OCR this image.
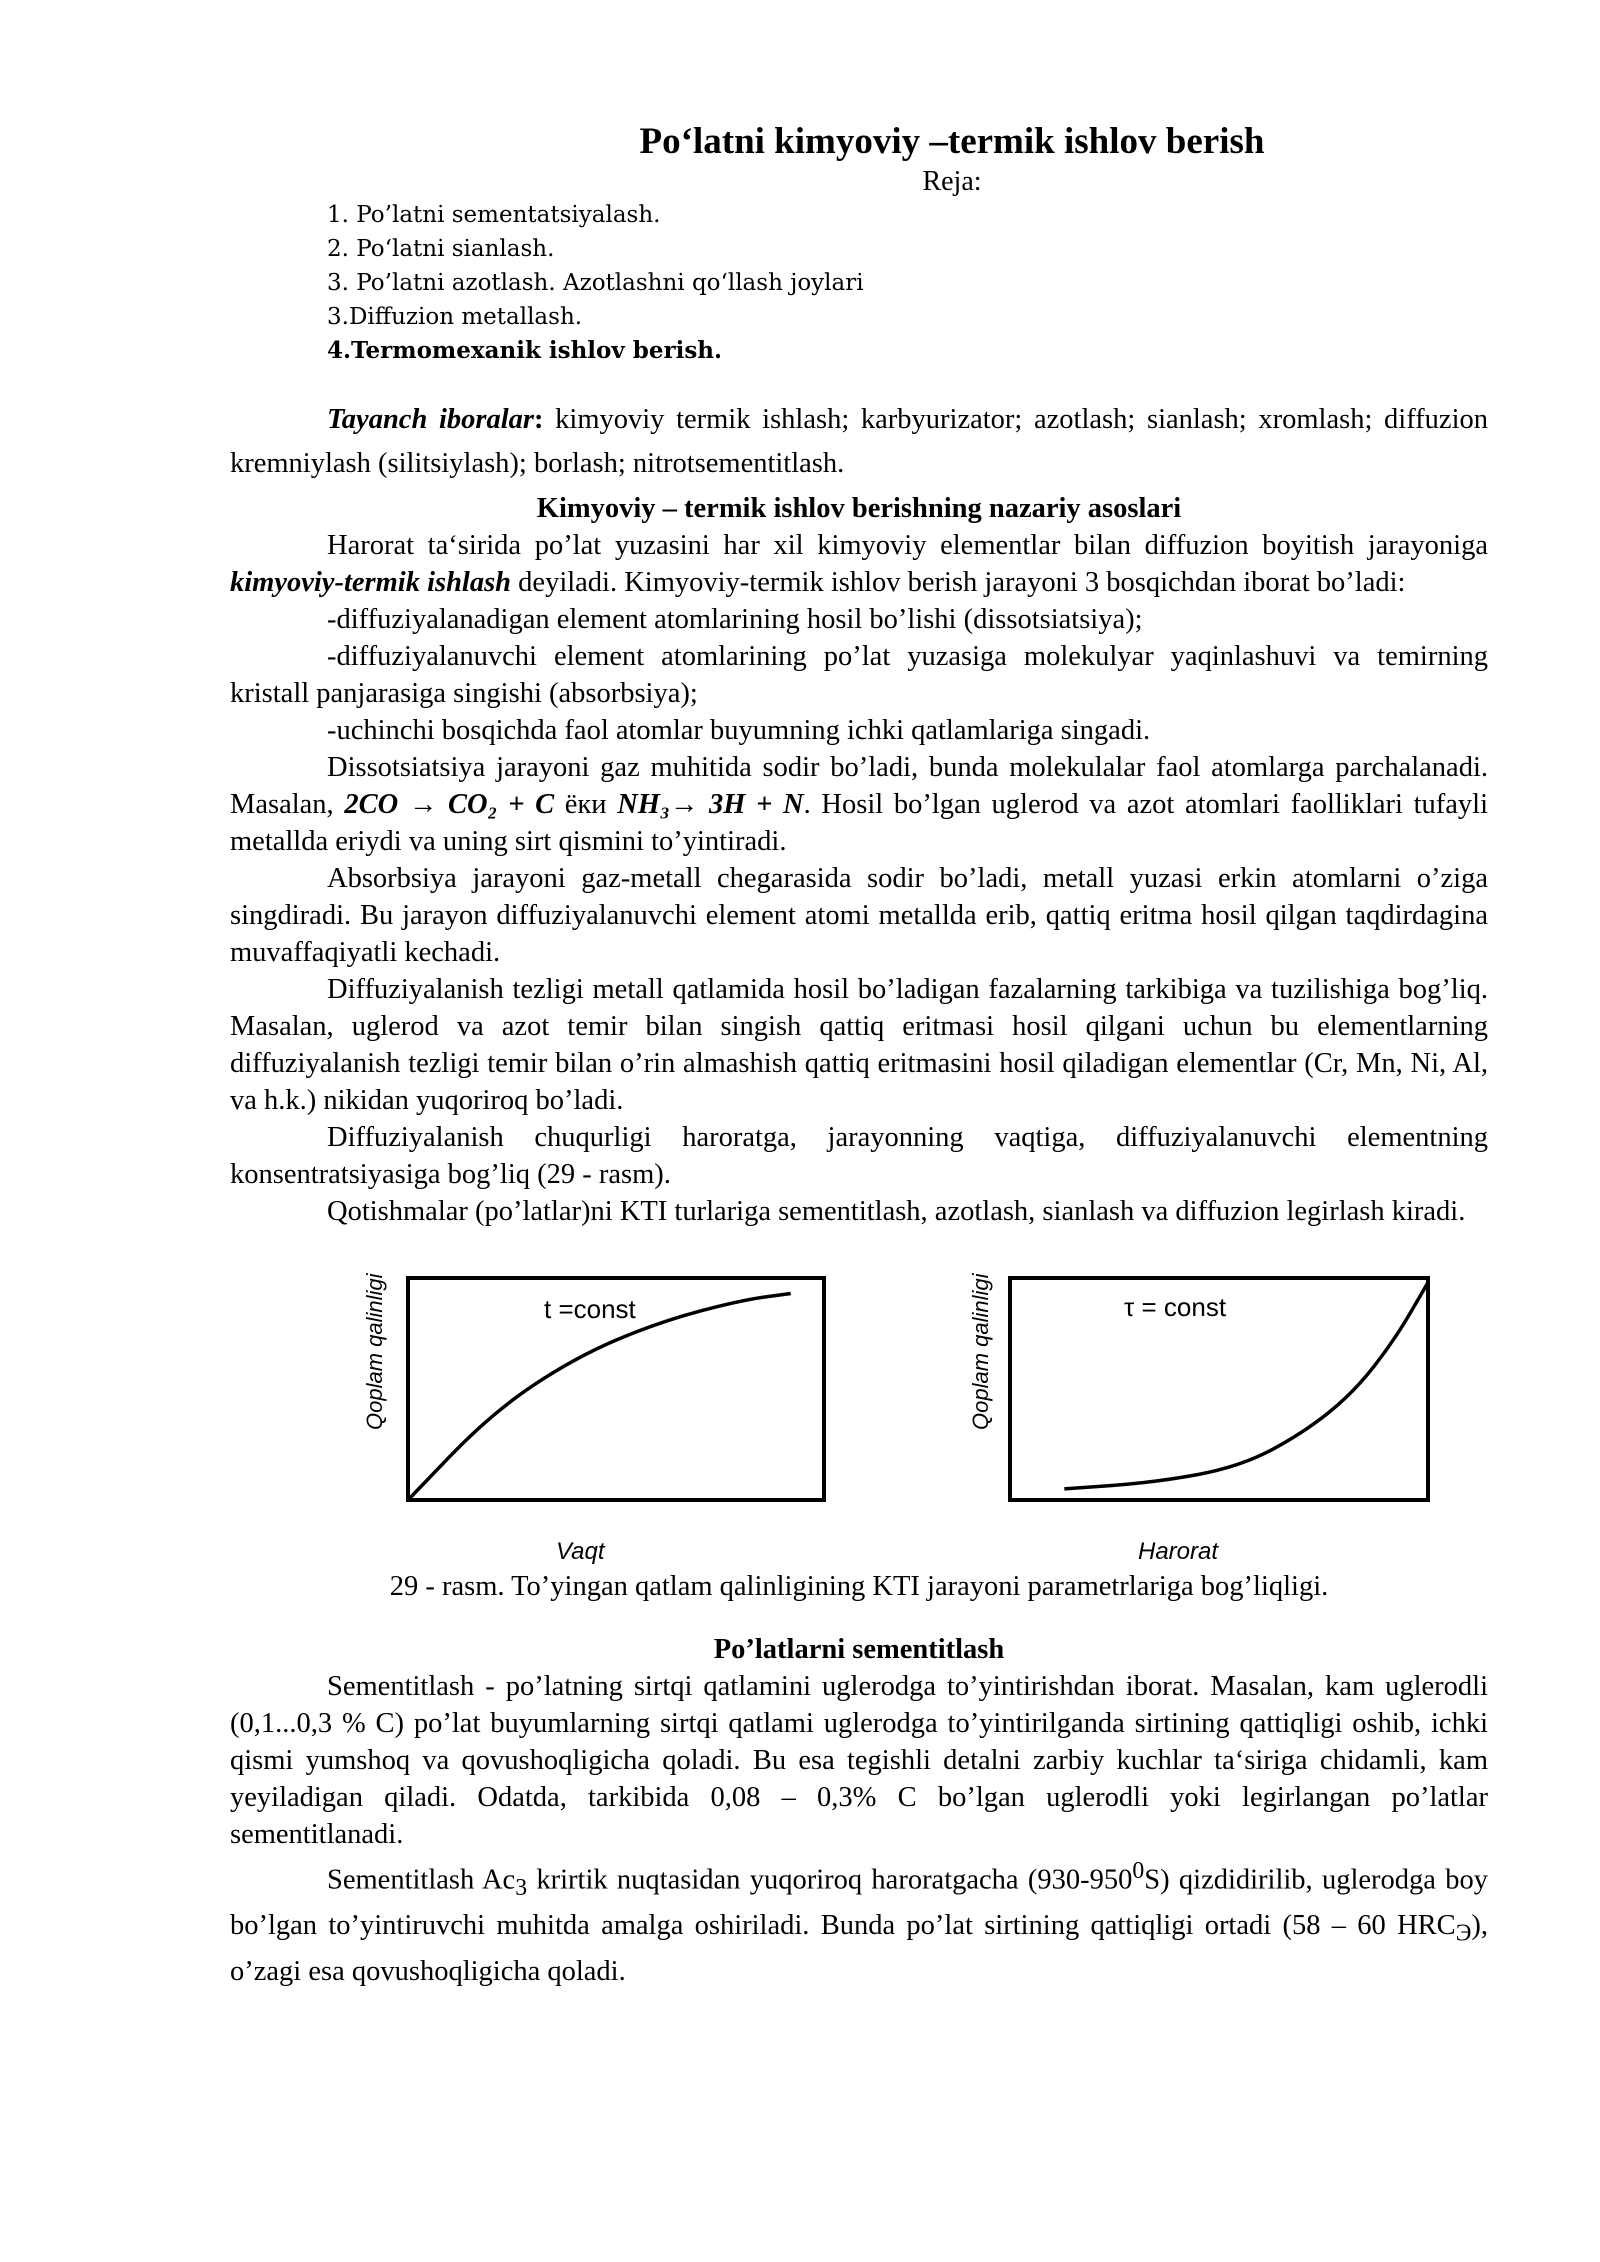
Po‘latni kimyoviy –termik ishlov berish
Reja:
1. Po’latni sementatsiyalash.
2. Po‘latni sianlash.
3. Po’latni azotlash. Azotlashni qo‘llash joylari
3.Diffuzion metallash.
4.Termomexanik ishlov berish.

Tayanch iboralar: kimyoviy termik ishlash; karbyurizator; azotlash; sianlash; xromlash; diffuzion kremniylash (silitsiylash); borlash; nitrotsementitlash.

Kimyoviy – termik ishlov berishning nazariy asoslari

Harorat ta‘sirida po’lat yuzasini har xil kimyoviy elementlar bilan diffuzion boyitish jarayoniga kimyoviy-termik ishlash deyiladi. Kimyoviy-termik ishlov berish jarayoni 3 bosqichdan iborat bo’ladi:

-diffuziyalanadigan element atomlarining hosil bo’lishi (dissotsiatsiya);

-diffuziyalanuvchi element atomlarining po’lat yuzasiga molekulyar yaqinlashuvi va temirning kristall panjarasiga singishi (absorbsiya);

-uchinchi bosqichda faol atomlar buyumning ichki qatlamlariga singadi.

Dissotsiatsiya jarayoni gaz muhitida sodir bo’ladi, bunda molekulalar faol atomlarga parchalanadi. Masalan, 2CO → CO₂ + C ёки NH₃→ 3H + N. Hosil bo’lgan uglerod va azot atomlari faolliklari tufayli metallda eriydi va uning sirt qismini to’yintiradi.

Absorbsiya jarayoni gaz-metall chegarasida sodir bo’ladi, metall yuzasi erkin atomlarni o’ziga singdiradi. Bu jarayon diffuziyalanuvchi element atomi metallda erib, qattiq eritma hosil qilgan taqdirdagina muvaffaqiyatli kechadi.

Diffuziyalanish tezligi metall qatlamida hosil bo’ladigan fazalarning tarkibiga va tuzilishiga bog’liq. Masalan, uglerod va azot temir bilan singish qattiq eritmasi hosil qilgani uchun bu elementlarning diffuziyalanish tezligi temir bilan o’rin almashish qattiq eritmasini hosil qiladigan elementlar (Cr, Mn, Ni, Al, va h.k.) nikidan yuqoriroq bo’ladi.

Diffuziyalanish chuqurligi haroratga, jarayonning vaqtiga, diffuziyalanuvchi elementning konsentratsiyasiga bog’liq (29 - rasm).

Qotishmalar (po’latlar)ni KTI turlariga sementitlash, azotlash, sianlash va diffuzion legirlash kiradi.

Qoplam qalinligi	Qoplam qalinligi
t =const	τ = const
Vaqt	Harorat
29 - rasm. To’yingan qatlam qalinligining KTI jarayoni parametrlariga bog’liqligi.
Po’latlarni sementitlash

Sementitlash - po’latning sirtqi qatlamini uglerodga to’yintirishdan iborat. Masalan, kam uglerodli (0,1...0,3 % C) po’lat buyumlarning sirtqi qatlami uglerodga to’yintirilganda sirtining qattiqligi oshib, ichki qismi yumshoq va qovushoqligicha qoladi. Bu esa tegishli detalni zarbiy kuchlar ta‘siriga chidamli, kam yeyiladigan qiladi. Odatda, tarkibida 0,08 – 0,3% C bo’lgan uglerodli yoki legirlangan po’latlar sementitlanadi.

Sementitlash $Ac_3$ krirtik nuqtasidan yuqoriroq haroratgacha $(930-950^0S)$ qizdidirilib, uglerodga boy bo’lgan to’yintiruvchi muhitda amalga oshiriladi. Bunda po’lat sirtining qattiqligi ortadi (58 – 60 $HRC_Э$), o’zagi esa qovushoqligicha qoladi.
